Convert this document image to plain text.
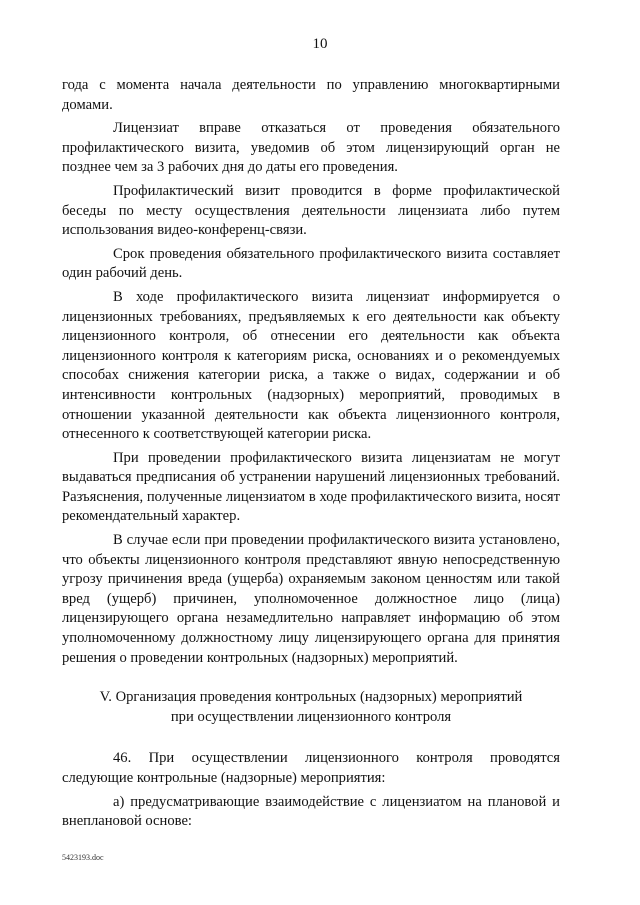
10

года с момента начала деятельности по управлению многоквартирными домами.

Лицензиат вправе отказаться от проведения обязательного профилактического визита, уведомив об этом лицензирующий орган не позднее чем за 3 рабочих дня до даты его проведения.

Профилактический визит проводится в форме профилактической беседы по месту осуществления деятельности лицензиата либо путем использования видео-конференц-связи.

Срок проведения обязательного профилактического визита составляет один рабочий день.

В ходе профилактического визита лицензиат информируется о лицензионных требованиях, предъявляемых к его деятельности как объекту лицензионного контроля, об отнесении его деятельности как объекта лицензионного контроля к категориям риска, основаниях и о рекомендуемых способах снижения категории риска, а также о видах, содержании и об интенсивности контрольных (надзорных) мероприятий, проводимых в отношении указанной деятельности как объекта лицензионного контроля, отнесенного к соответствующей категории риска.

При проведении профилактического визита лицензиатам не могут выдаваться предписания об устранении нарушений лицензионных требований. Разъяснения, полученные лицензиатом в ходе профилактического визита, носят рекомендательный характер.

В случае если при проведении профилактического визита установлено, что объекты лицензионного контроля представляют явную непосредственную угрозу причинения вреда (ущерба) охраняемым законом ценностям или такой вред (ущерб) причинен, уполномоченное должностное лицо (лица) лицензирующего органа незамедлительно направляет информацию об этом уполномоченному должностному лицу лицензирующего органа для принятия решения о проведении контрольных (надзорных) мероприятий.

V. Организация проведения контрольных (надзорных) мероприятий
при осуществлении лицензионного контроля

46. При осуществлении лицензионного контроля проводятся следующие контрольные (надзорные) мероприятия:

а) предусматривающие взаимодействие с лицензиатом на плановой и внеплановой основе:

5423193.doc
